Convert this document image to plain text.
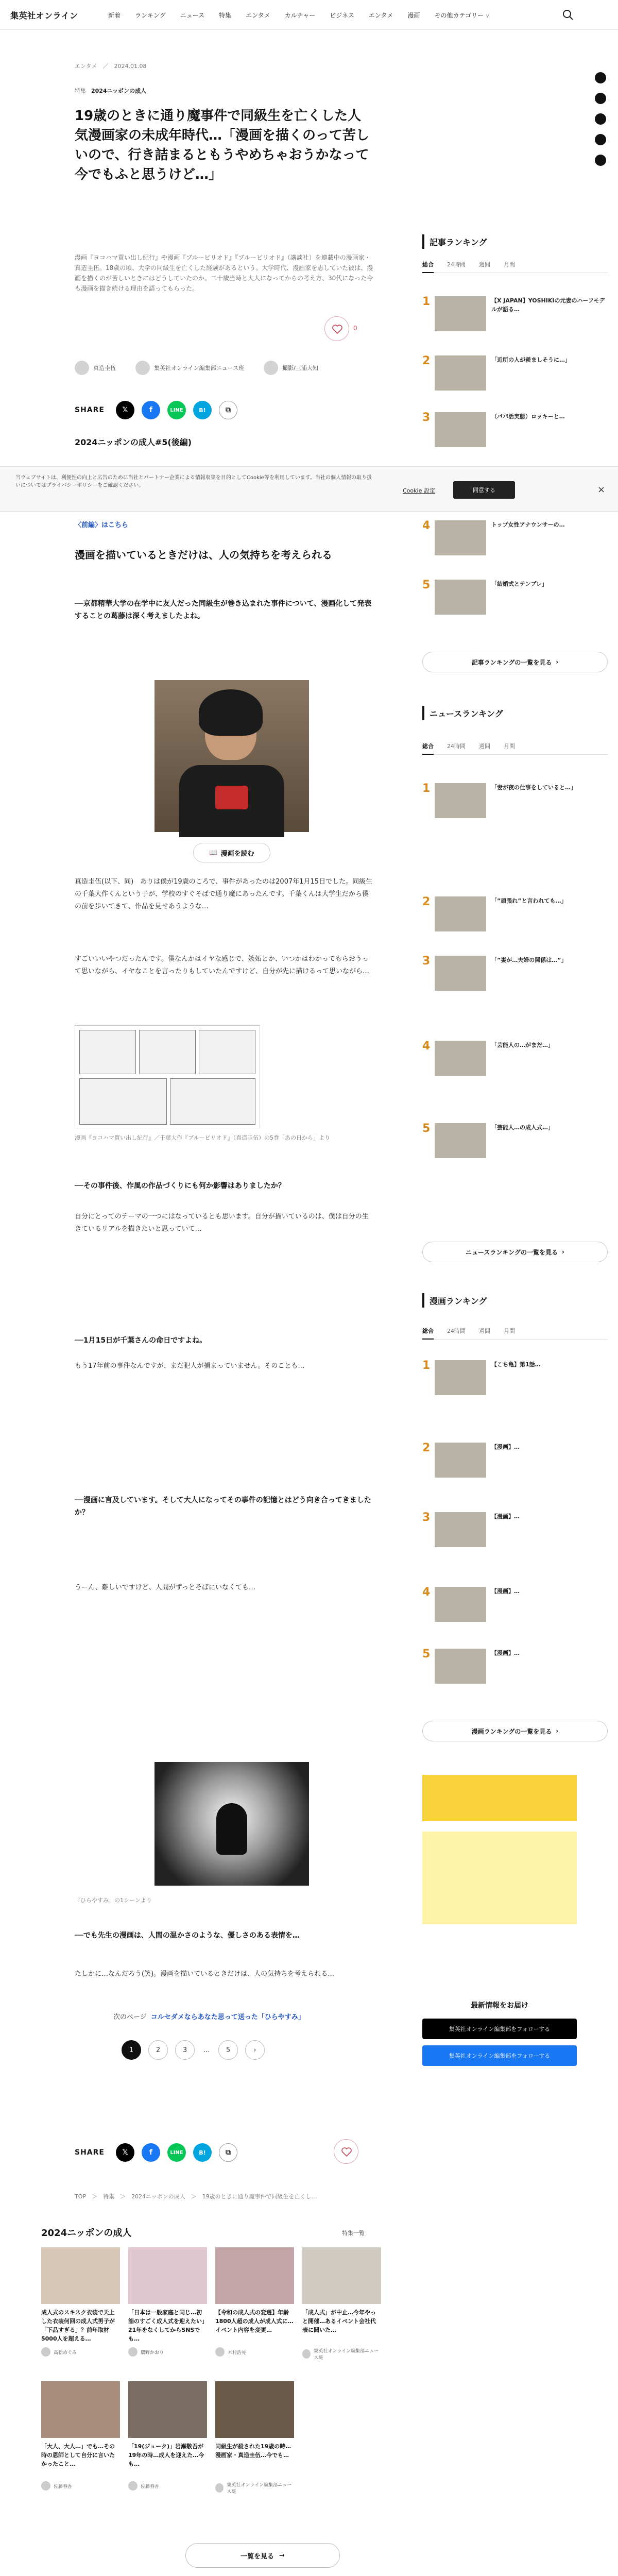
集英社オンライン	新着 ランキング ニュース 特集 エンタメ カルチャー ビジネス エンタメ 漫画 その他カテゴリー ∨
エンタメ　／　2024.01.08
特集 2024ニッポンの成人
19歳のときに通り魔事件で同級生を亡くした人気漫画家の未成年時代…「漫画を描くのって苦しいので、行き詰まるともうやめちゃおうかなって今でもふと思うけど…」

漫画『ヨコハマ買い出し紀行』や漫画『ブルーピリオド』『ブルーピリオド』（講談社）を連載中の漫画家・真造圭伍。18歳の頃、大学の同級生を亡くした経験があるという。大学時代、漫画家を志していた彼は、漫画を描くのが苦しいときにはどうしていたのか。二十歳当時と大人になってからの考え方、30代になった今も漫画を描き続ける理由を語ってもらった。

0
真造圭伍	集英社オンライン編集部ニュース班	撮影/三浦大知
SHARE	𝕏	f	LINE	B!	⧉
2024ニッポンの成人#5(後編)

当ウェブサイトは、利便性の向上と広告のために当社とパートナー企業による情報収集を目的としてCookie等を利用しています。当社の個人情報の取り扱いについてはプライバシーポリシーをご確認ください。

Cookie 設定	同意する	×
〈前編〉はこちら
漫画を描いているときだけは、人の気持ちを考えられる

──京都精華大学の在学中に友人だった同級生が巻き込まれた事件について、漫画化して発表することの葛藤は深く考えましたよね。

📖 漫画を読む

真造圭伍(以下、同)　ありは僕が19歳のころで、事件があったのは2007年1月15日でした。同級生の千葉大作くんという子が、学校のすぐそばで通り魔にあったんです。千葉くんは大学生だから僕の前を歩いてきて、作品を見せあうような…

すごいいいやつだったんです。僕なんかはイヤな感じで、嫉妬とか、いつかはわかってもらおうって思いながら、イヤなことを言ったりもしていたんですけど、自分が先に描けるって思いながら…

漫画『ヨコハマ買い出し紀行』／千葉大作『ブルーピリオド』（真造圭伍）の5巻「あの日から」より

──その事件後、作風の作品づくりにも何か影響はありましたか？

自分にとってのテーマの一つにはなっているとも思います。自分が描いているのは、僕は自分の生きているリアルを描きたいと思っていて…

──1月15日が千葉さんの命日ですよね。

もう17年前の事件なんですが、まだ犯人が捕まっていません。そのことも…

──漫画に言及しています。そして大人になってその事件の記憶とはどう向き合ってきましたか？

うーん、難しいですけど、人間がずっとそばにいなくても…

『ひらやすみ』の1シーンより

──でも先生の漫画は、人間の温かさのような、優しさのある表情を…

たしかに…なんだろう(笑)。漫画を描いているときだけは、人の気持ちを考えられる…

次のページ コルセダメならあなた思って送った「ひらやすみ」
1	2	3	…	5	›
SHARE	𝕏	f	LINE	B!	⧉
TOP　＞　特集　＞　2024ニッポンの成人　＞　19歳のときに通り魔事件で同級生を亡くし…
2024ニッポンの成人	特集一覧
成人式のスキスク衣装で天上した衣装何回の成人式男子が「下品すぎる」？前年取材5000人を超える…
高松めぐみ
「日本は一般家庭と同じ…初詣のすごく成人式を迎えたい」　21年をなくしてからSNSでも…
鷹野かおり
【令和の成人式の変遷】年齢1800人超の成人が成人式に…イベント内容を変更…
木村浩晃
「成人式」が中止…今年やっと開催…あるイベント会社代表に聞いた…
集英社オンライン編集部ニュース班
「大人、大人…」でも…その時の恩師として自分に言いたかったこと…
佐藤春香
「19(ジューク)」岩瀬敬吾が19年の時…成人を迎えた…今も…
佐藤春香
同級生が殺された19歳の時…漫画家・真造圭伍…今でも…
集英社オンライン編集部ニュース班
一覧を見る →
記事ランキング
総合 24時間 週間 月間
1	【X JAPAN】YOSHIKIの元妻のハーフモデルが語る…
2	「近所の人が羨ましそうに…」
3	（パパ活実態）ロッキーと…
4	トップ女性アナウンサーの…
5	「結婚式とテンプレ」
記事ランキングの一覧を見る ›
ニュースランキング
総合 24時間 週間 月間
1	「妻が夜の仕事をしていると…」
2	「”頑張れ”と言われても…」
3	「”妻が…夫婦の関係は…”」
4	「芸能人の…がまだ…」
5	「芸能人…の成人式…」
ニュースランキングの一覧を見る ›
漫画ランキング
総合 24時間 週間 月間
1	【こち亀】第1話…
2	【漫画】…
3	【漫画】…
4	【漫画】…
5	【漫画】…
漫画ランキングの一覧を見る ›
最新情報をお届け
集英社オンライン編集部をフォローする
集英社オンライン編集部をフォローする
